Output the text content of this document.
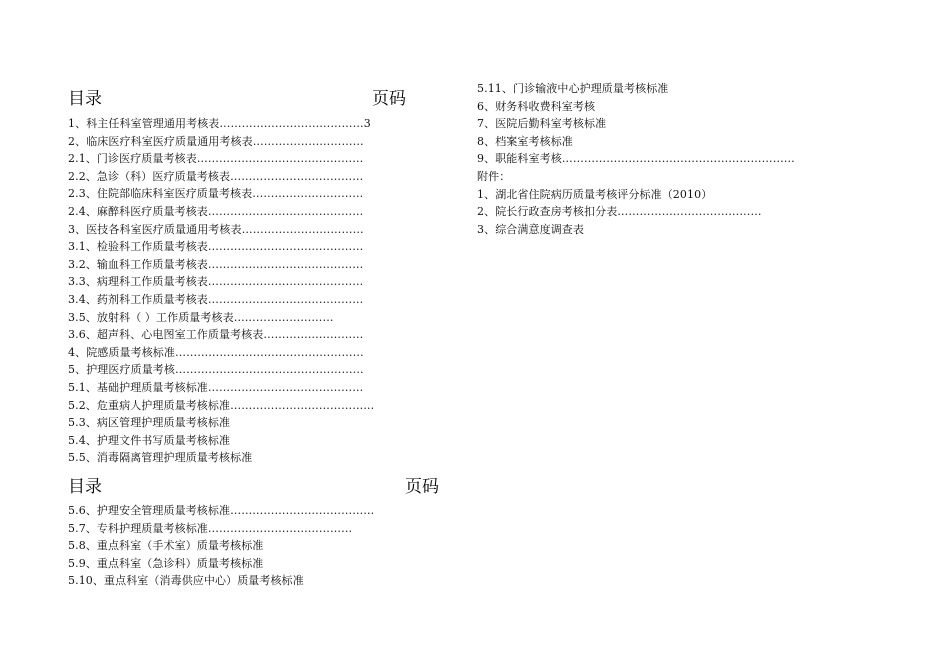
目录	页码
1、科主任科室管理通用考核表…………………………………3
2、临床医疗科室医疗质量通用考核表…………………………
2.1、门诊医疗质量考核表………………………………………
2.2、急诊（科）医疗质量考核表………………………………
2.3、住院部临床科室医疗质量考核表…………………………
2.4、麻醉科医疗质量考核表……………………………………
3、医技各科室医疗质量通用考核表……………………………
3.1、检验科工作质量考核表……………………………………
3.2、输血科工作质量考核表……………………………………
3.3、病理科工作质量考核表……………………………………
3.4、药剂科工作质量考核表……………………………………
3.5、放射科（ ）工作质量考核表………………………
3.6、超声科、心电图室工作质量考核表………………………
4、院感质量考核标准……………………………………………
5、护理医疗质量考核……………………………………………
5.1、基础护理质量考核标准……………………………………
5.2、危重病人护理质量考核标准…………………………………
5.3、病区管理护理质量考核标准
5.4、护理文件书写质量考核标准
5.5、消毒隔离管理护理质量考核标准
目录	页码
5.6、护理安全管理质量考核标准…………………………………
5.7、专科护理质量考核标准…………………………………
5.8、重点科室（手术室）质量考核标准
5.9、重点科室（急诊科）质量考核标准
5.10、重点科室（消毒供应中心）质量考核标准
5.11、门诊输液中心护理质量考核标准
6、财务科收费科室考核
7、医院后勤科室考核标准
8、档案室考核标准
9、职能科室考核………………………………………………………
附件：
1、湖北省住院病历质量考核评分标准（2010）
2、院长行政查房考核扣分表…………………………………
3、综合满意度调查表
